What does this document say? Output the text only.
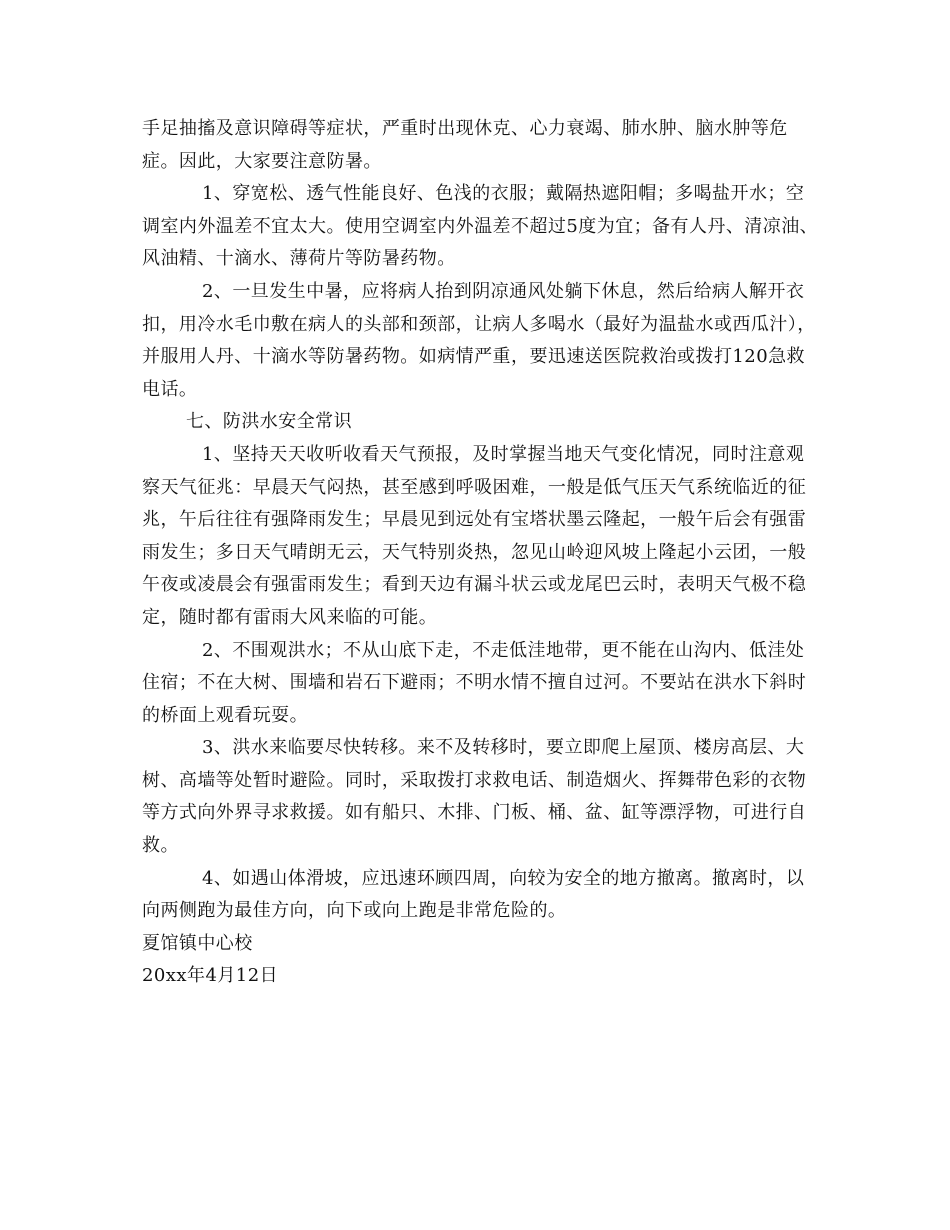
手足抽搐及意识障碍等症状，严重时出现休克、心力衰竭、肺水肿、脑水肿等危症。因此，大家要注意防暑。

1、穿宽松、透气性能良好、色浅的衣服；戴隔热遮阳帽；多喝盐开水；空调室内外温差不宜太大。使用空调室内外温差不超过5度为宜；备有人丹、清凉油、风油精、十滴水、薄荷片等防暑药物。

2、一旦发生中暑，应将病人抬到阴凉通风处躺下休息，然后给病人解开衣扣，用冷水毛巾敷在病人的头部和颈部，让病人多喝水（最好为温盐水或西瓜汁），并服用人丹、十滴水等防暑药物。如病情严重，要迅速送医院救治或拨打120急救电话。

七、防洪水安全常识

1、坚持天天收听收看天气预报，及时掌握当地天气变化情况，同时注意观察天气征兆：早晨天气闷热，甚至感到呼吸困难，一般是低气压天气系统临近的征兆，午后往往有强降雨发生；早晨见到远处有宝塔状墨云隆起，一般午后会有强雷雨发生；多日天气晴朗无云，天气特别炎热，忽见山岭迎风坡上隆起小云团，一般午夜或凌晨会有强雷雨发生；看到天边有漏斗状云或龙尾巴云时，表明天气极不稳定，随时都有雷雨大风来临的可能。

2、不围观洪水；不从山底下走，不走低洼地带，更不能在山沟内、低洼处住宿；不在大树、围墙和岩石下避雨；不明水情不擅自过河。不要站在洪水下斜时的桥面上观看玩耍。

3、洪水来临要尽快转移。来不及转移时，要立即爬上屋顶、楼房高层、大树、高墙等处暂时避险。同时，采取拨打求救电话、制造烟火、挥舞带色彩的衣物等方式向外界寻求救援。如有船只、木排、门板、桶、盆、缸等漂浮物，可进行自救。

4、如遇山体滑坡，应迅速环顾四周，向较为安全的地方撤离。撤离时，以向两侧跑为最佳方向，向下或向上跑是非常危险的。

夏馆镇中心校

20xx年4月12日
